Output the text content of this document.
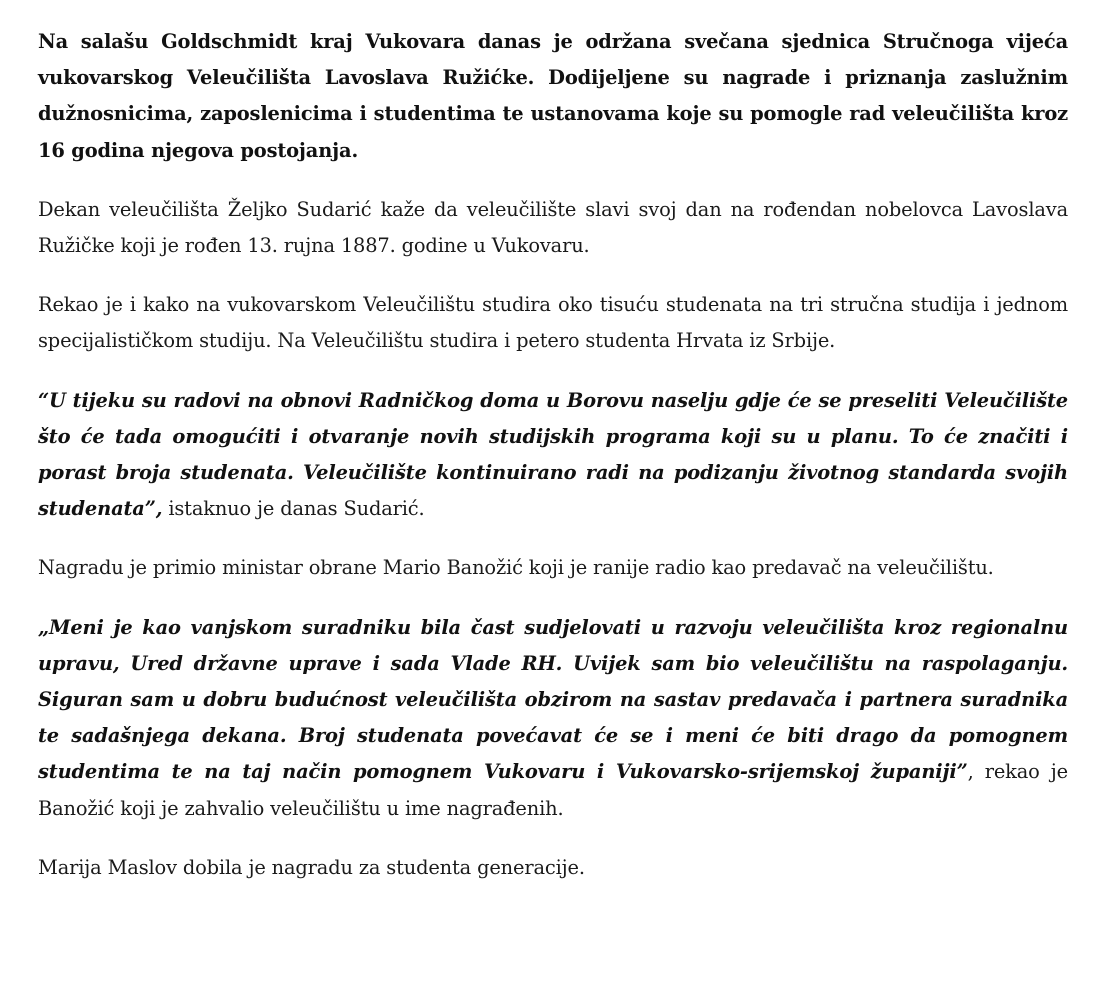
Na salašu Goldschmidt kraj Vukovara danas je održana svečana sjednica Stručnoga vijeća vukovarskog Veleučilišta Lavoslava Ružićke. Dodijeljene su nagrade i priznanja zaslužnim dužnosnicima, zaposlenicima i studentima te ustanovama koje su pomogle rad veleučilišta kroz 16 godina njegova postojanja.

Dekan veleučilišta Željko Sudarić kaže da veleučilište slavi svoj dan na rođendan nobelovca Lavoslava Ružičke koji je rođen 13. rujna 1887. godine u Vukovaru.

Rekao je i kako na vukovarskom Veleučilištu studira oko tisuću studenata na tri stručna studija i jednom specijalističkom studiju. Na Veleučilištu studira i petero studenta Hrvata iz Srbije.

“U tijeku su radovi na obnovi Radničkog doma u Borovu naselju gdje će se preseliti Veleučilište što će tada omogućiti i otvaranje novih studijskih programa koji su u planu. To će značiti i porast broja studenata. Veleučilište kontinuirano radi na podizanju životnog standarda svojih studenata”, istaknuo je danas Sudarić.

Nagradu je primio ministar obrane Mario Banožić koji je ranije radio kao predavač na veleučilištu.

„Meni je kao vanjskom suradniku bila čast sudjelovati u razvoju veleučilišta kroz regionalnu upravu, Ured državne uprave i sada Vlade RH. Uvijek sam bio veleučilištu na raspolaganju. Siguran sam u dobru budućnost veleučilišta obzirom na sastav predavača i partnera suradnika te sadašnjega dekana. Broj studenata povećavat će se i meni će biti drago da pomognem studentima te na taj način pomognem Vukovaru i Vukovarsko-srijemskoj županiji”, rekao je Banožić koji je zahvalio veleučilištu u ime nagrađenih.

Marija Maslov dobila je nagradu za studenta generacije.
